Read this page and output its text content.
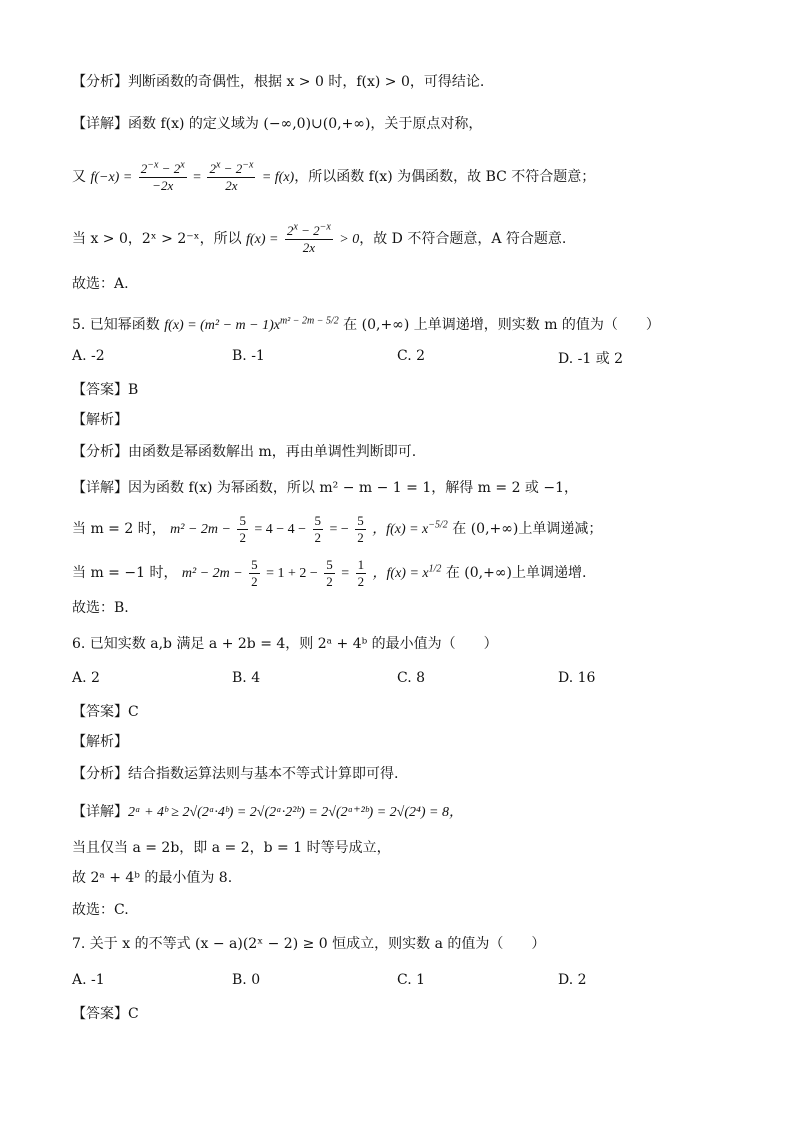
【分析】判断函数的奇偶性，根据 x > 0 时，f(x) > 0，可得结论.
【详解】函数 f(x) 的定义域为 (−∞,0)∪(0,+∞)，关于原点对称，
又 $f(-x) = \frac{2^{-x} - 2^x}{-2x} = \frac{2^x - 2^{-x}}{2x} = f(x)$，所以函数 f(x) 为偶函数，故 BC 不符合题意；
当 x > 0，2ˣ > 2⁻ˣ，所以 $f(x) = \frac{2^x - 2^{-x}}{2x} > 0$，故 D 不符合题意，A 符合题意.
故选：A.
5. 已知幂函数 $f(x) = (m^2 - m - 1)x^{m^2 - 2m - 5/2}$ 在 (0,+∞) 上单调递增，则实数 m 的值为（　　）
A. -2	B. -1	C. 2	D. -1 或 2
【答案】B
【解析】
【分析】由函数是幂函数解出 m，再由单调性判断即可.
【详解】因为函数 f(x) 为幂函数，所以 m² − m − 1 = 1，解得 m = 2 或 −1，
当 m = 2 时， $m^2 - 2m - \frac{5}{2} = 4 - 4 - \frac{5}{2}$ = − $\frac{5}{2}$ ，$f(x) = x^{-5/2}$ 在 (0,+∞)上单调递减；
当 m = −1 时， $m^2 - 2m - \frac{5}{2} = 1 + 2 - \frac{5}{2} = \frac{1}{2}$ ，$f(x) = x^{1/2}$ 在 (0,+∞)上单调递增.
故选：B.
6. 已知实数 a,b 满足 a + 2b = 4，则 2ᵃ + 4ᵇ 的最小值为（　　）
A. 2	B. 4	C. 8	D. 16
【答案】C
【解析】
【分析】结合指数运算法则与基本不等式计算即可得.
【详解】2ᵃ + 4ᵇ ≥ 2√(2ᵃ·4ᵇ) = 2√(2ᵃ·2²ᵇ) = 2√(2ᵃ⁺²ᵇ) = 2√(2⁴) = 8，
当且仅当 a = 2b，即 a = 2，b = 1 时等号成立，
故 2ᵃ + 4ᵇ 的最小值为 8.
故选：C.
7. 关于 x 的不等式 (x − a)(2ˣ − 2) ≥ 0 恒成立，则实数 a 的值为（　　）
A. -1	B. 0	C. 1	D. 2
【答案】C
